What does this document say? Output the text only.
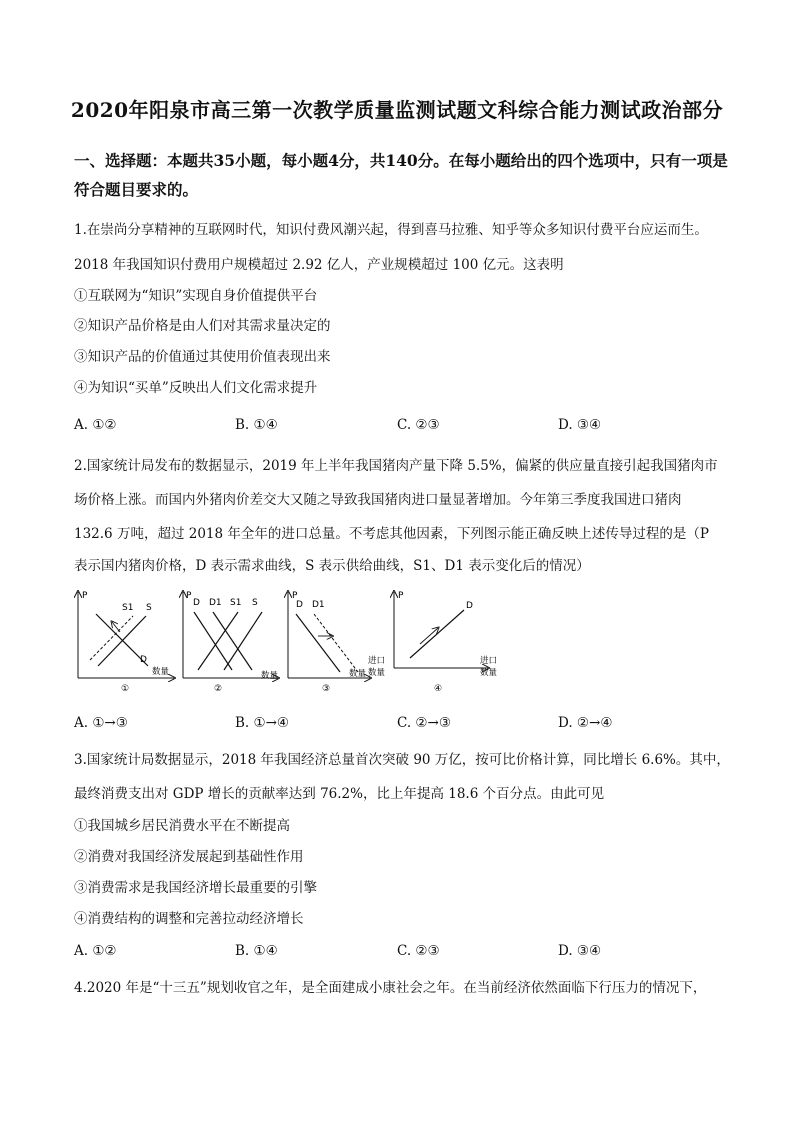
2020年阳泉市高三第一次教学质量监测试题文科综合能力测试政治部分
一、选择题：本题共35小题，每小题4分，共140分。在每小题给出的四个选项中，只有一项是符合题目要求的。
1.在崇尚分享精神的互联网时代，知识付费风潮兴起，得到喜马拉雅、知乎等众多知识付费平台应运而生。
2018 年我国知识付费用户规模超过 2.92 亿人，产业规模超过 100 亿元。这表明
①互联网为“知识”实现自身价值提供平台
②知识产品价格是由人们对其需求量决定的
③知识产品的价值通过其使用价值表现出来
④为知识“买单”反映出人们文化需求提升
A. ①②	B. ①④	C. ②③	D. ③④
2.国家统计局发布的数据显示，2019 年上半年我国猪肉产量下降 5.5%，偏紧的供应量直接引起我国猪肉市
场价格上涨。而国内外猪肉价差交大又随之导致我国猪肉进口量显著增加。今年第三季度我国进口猪肉
132.6 万吨，超过 2018 年全年的进口总量。不考虑其他因素，下列图示能正确反映上述传导过程的是（P
表示国内猪肉价格，D 表示需求曲线，S 表示供给曲线，S1、D1 表示变化后的情况）
P
S1 S
D
数量
①
P
D D1 S1 S
数量
②
P
D D1
数量
③
P
进口
数量
D
进口
数量
④
A. ①→③	B. ①→④	C. ②→③	D. ②→④
3.国家统计局数据显示，2018 年我国经济总量首次突破 90 万亿，按可比价格计算，同比增长 6.6%。其中，
最终消费支出对 GDP 增长的贡献率达到 76.2%，比上年提高 18.6 个百分点。由此可见
①我国城乡居民消费水平在不断提高
②消费对我国经济发展起到基础性作用
③消费需求是我国经济增长最重要的引擎
④消费结构的调整和完善拉动经济增长
A. ①②	B. ①④	C. ②③	D. ③④
4.2020 年是“十三五”规划收官之年，是全面建成小康社会之年。在当前经济依然面临下行压力的情况下，
